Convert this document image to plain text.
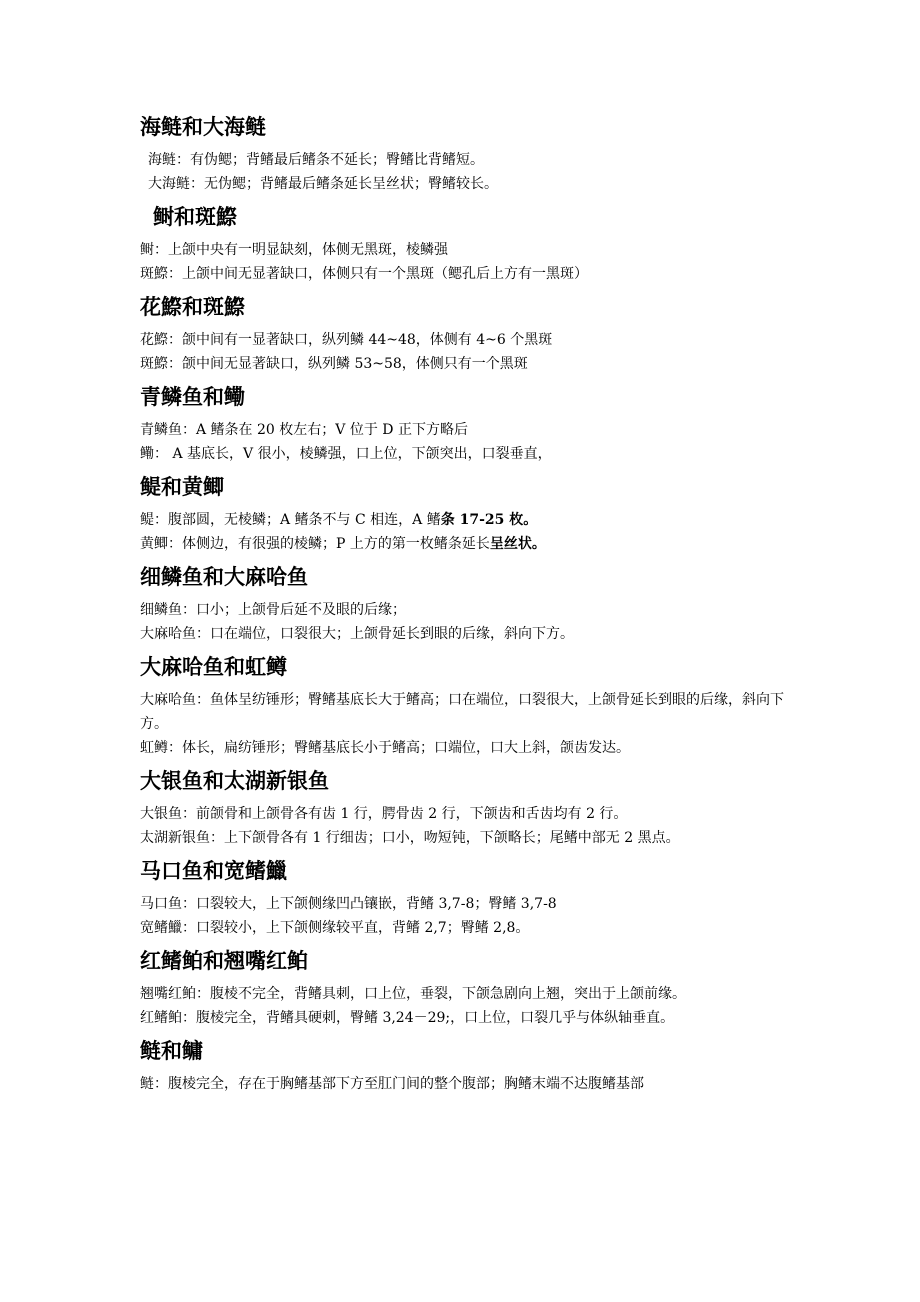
海鲢和大海鲢

海鲢：有伪鳃；背鳍最后鳍条不延长；臀鳍比背鳍短。

大海鲢：无伪鳃；背鳍最后鳍条延长呈丝状；臀鳍较长。

鲥和斑鰶

鲥：上颌中央有一明显缺刻，体侧无黑斑，棱鳞强

斑鰶：上颌中间无显著缺口，体侧只有一个黑斑（鳃孔后上方有一黑斑）

花鰶和斑鰶

花鰶：颌中间有一显著缺口，纵列鳞 44~48，体侧有 4~6 个黑斑

斑鰶：颌中间无显著缺口，纵列鳞 53~58，体侧只有一个黑斑

青鳞鱼和鳓

青鳞鱼：A 鳍条在 20 枚左右；V 位于 D 正下方略后

鳓： A 基底长，V 很小，棱鳞强，口上位，下颌突出，口裂垂直，

鳀和黄鲫

鳀：腹部圆，无棱鳞；A 鳍条不与 C 相连，A 鳍条 17-25 枚。

黄鲫：体侧边，有很强的棱鳞；P 上方的第一枚鳍条延长呈丝状。

细鳞鱼和大麻哈鱼

细鳞鱼：口小；上颌骨后延不及眼的后缘；

大麻哈鱼：口在端位，口裂很大；上颌骨延长到眼的后缘，斜向下方。

大麻哈鱼和虹鳟

大麻哈鱼：鱼体呈纺锤形；臀鳍基底长大于鳍高；口在端位，口裂很大，上颌骨延长到眼的后缘，斜向下方。

虹鳟：体长，扁纺锤形；臀鳍基底长小于鳍高；口端位，口大上斜，颌齿发达。

大银鱼和太湖新银鱼

大银鱼：前颌骨和上颌骨各有齿 1 行，腭骨齿 2 行，下颌齿和舌齿均有 2 行。

太湖新银鱼：上下颌骨各有 1 行细齿；口小，吻短钝，下颌略长；尾鳍中部无 2 黑点。

马口鱼和宽鳍鱲

马口鱼：口裂较大，上下颌侧缘凹凸镶嵌，背鳍 3,7-8；臀鳍 3,7-8

宽鳍鱲：口裂较小，上下颌侧缘较平直，背鳍 2,7；臀鳍 2,8。

红鳍鲌和翘嘴红鲌

翘嘴红鲌：腹棱不完全，背鳍具刺，口上位，垂裂，下颌急剧向上翘，突出于上颌前缘。

红鳍鲌：腹棱完全，背鳍具硬刺，臀鳍 3,24－29;，口上位，口裂几乎与体纵轴垂直。

鲢和鳙

鲢：腹棱完全，存在于胸鳍基部下方至肛门间的整个腹部；胸鳍末端不达腹鳍基部
